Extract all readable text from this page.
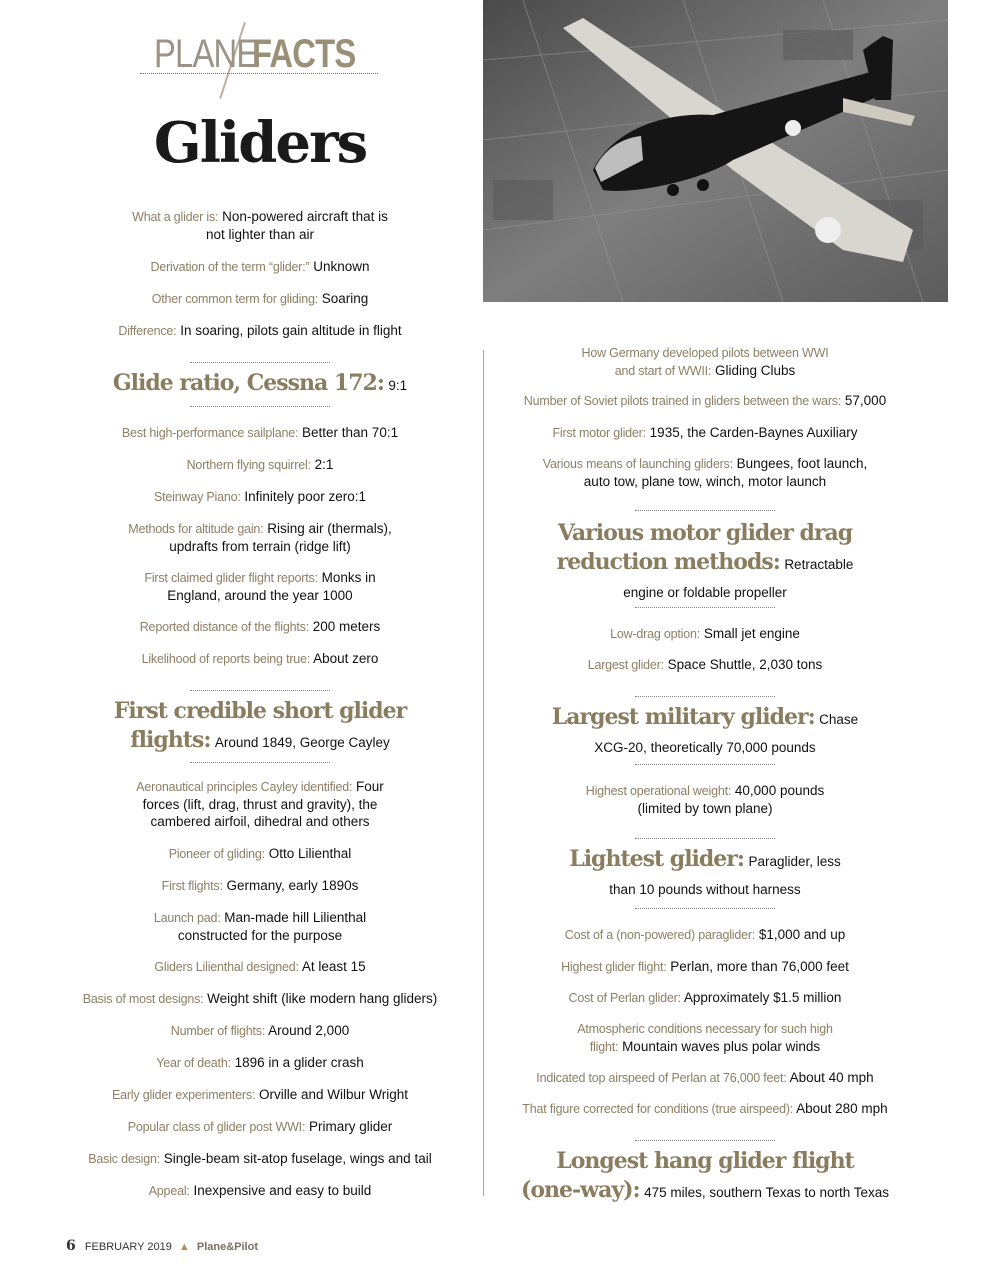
PLANE
FACTS
Gliders
What a glider is: Non-powered aircraft that is not lighter than air
Derivation of the term “glider:” Unknown
Other common term for gliding: Soaring
Difference: In soaring, pilots gain altitude in flight
Glide ratio, Cessna 172: 9:1
Best high-performance sailplane: Better than 70:1
Northern flying squirrel: 2:1
Steinway Piano: Infinitely poor zero:1
Methods for altitude gain: Rising air (thermals), updrafts from terrain (ridge lift)
First claimed glider flight reports: Monks in England, around the year 1000
Reported distance of the flights: 200 meters
Likelihood of reports being true: About zero
First credible short glider
flights: Around 1849, George Cayley
Aeronautical principles Cayley identified: Four forces (lift, drag, thrust and gravity), the cambered airfoil, dihedral and others
Pioneer of gliding: Otto Lilienthal
First flights: Germany, early 1890s
Launch pad: Man-made hill Lilienthal constructed for the purpose
Gliders Lilienthal designed: At least 15
Basis of most designs: Weight shift (like modern hang gliders)
Number of flights: Around 2,000
Year of death: 1896 in a glider crash
Early glider experimenters: Orville and Wilbur Wright
Popular class of glider post WWI: Primary glider
Basic design: Single-beam sit-atop fuselage, wings and tail
Appeal: Inexpensive and easy to build
How Germany developed pilots between WWI and start of WWII: Gliding Clubs
Number of Soviet pilots trained in gliders between the wars: 57,000
First motor glider: 1935, the Carden-Baynes Auxiliary
Various means of launching gliders: Bungees, foot launch, auto tow, plane tow, winch, motor launch
Various motor glider drag
reduction methods: Retractable
engine or foldable propeller
Low-drag option: Small jet engine
Largest glider: Space Shuttle, 2,030 tons
Largest military glider: Chase
XCG-20, theoretically 70,000 pounds
Highest operational weight: 40,000 pounds (limited by town plane)
Lightest glider: Paraglider, less
than 10 pounds without harness
Cost of a (non-powered) paraglider: $1,000 and up
Highest glider flight: Perlan, more than 76,000 feet
Cost of Perlan glider: Approximately $1.5 million
Atmospheric conditions necessary for such high flight: Mountain waves plus polar winds
Indicated top airspeed of Perlan at 76,000 feet: About 40 mph
That figure corrected for conditions (true airspeed): About 280 mph
Longest hang glider flight
(one-way): 475 miles, southern Texas to north Texas
6 FEBRUARY 2019 ▲ Plane&Pilot
